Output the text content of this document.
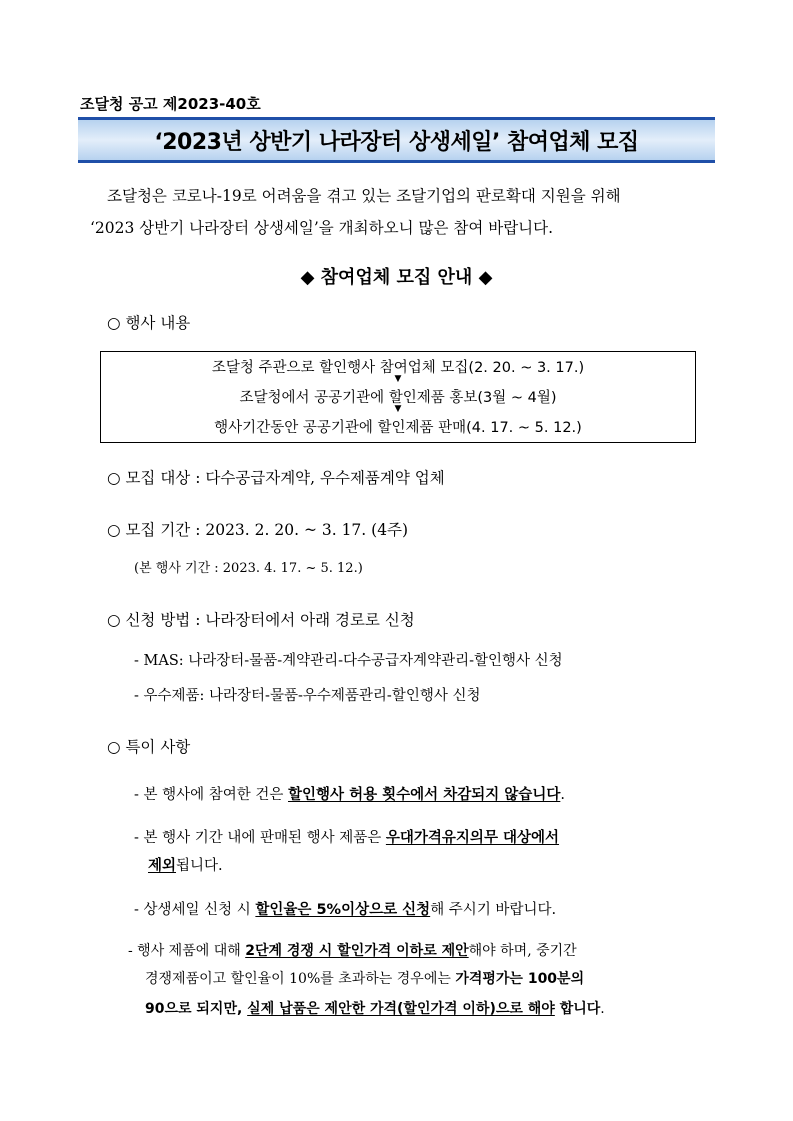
조달청 공고 제2023-40호
‘2023년 상반기 나라장터 상생세일’ 참여업체 모집
조달청은 코로나-19로 어려움을 겪고 있는 조달기업의 판로확대 지원을 위해
‘2023 상반기 나라장터 상생세일’을 개최하오니 많은 참여 바랍니다.
◆ 참여업체 모집 안내 ◆
○ 행사 내용
조달청 주관으로 할인행사 참여업체 모집(2. 20. ~ 3. 17.)
▼
조달청에서 공공기관에 할인제품 홍보(3월 ~ 4월)
▼
행사기간동안 공공기관에 할인제품 판매(4. 17. ~ 5. 12.)
○ 모집 대상 : 다수공급자계약, 우수제품계약 업체
○ 모집 기간 : 2023. 2. 20. ~ 3. 17. (4주)
(본 행사 기간 : 2023. 4. 17. ~ 5. 12.)
○ 신청 방법 : 나라장터에서 아래 경로로 신청
- MAS: 나라장터-물품-계약관리-다수공급자계약관리-할인행사 신청
- 우수제품: 나라장터-물품-우수제품관리-할인행사 신청
○ 특이 사항
- 본 행사에 참여한 건은 할인행사 허용 횟수에서 차감되지 않습니다.
- 본 행사 기간 내에 판매된 행사 제품은 우대가격유지의무 대상에서
제외됩니다.
- 상생세일 신청 시 할인율은 5%이상으로 신청해 주시기 바랍니다.
- 행사 제품에 대해 2단계 경쟁 시 할인가격 이하로 제안해야 하며, 중기간
경쟁제품이고 할인율이 10%를 초과하는 경우에는 가격평가는 100분의
90으로 되지만, 실제 납품은 제안한 가격(할인가격 이하)으로 해야 합니다.
